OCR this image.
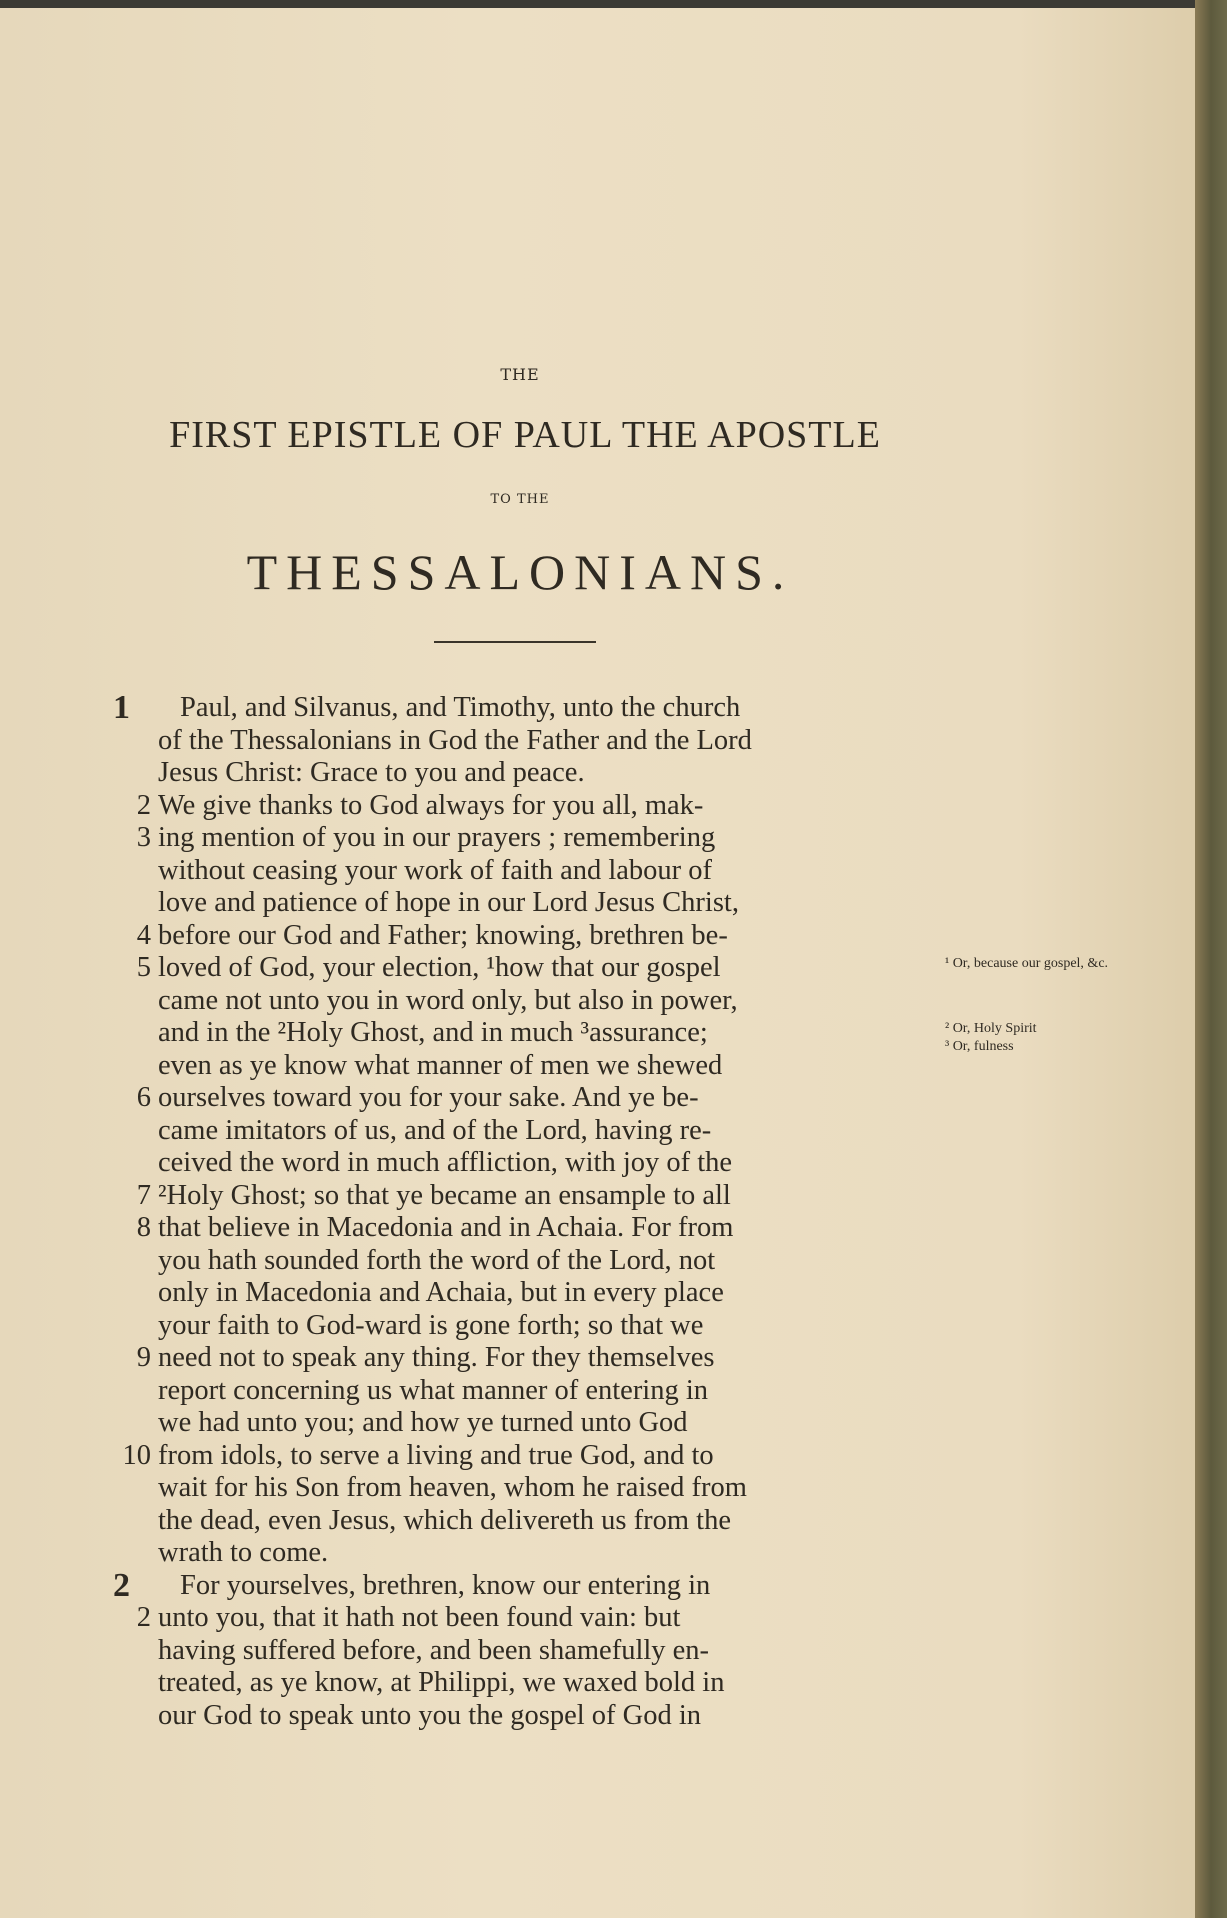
THE
FIRST EPISTLE OF PAUL THE APOSTLE
TO THE
THESSALONIANS.
1 Paul, and Silvanus, and Timothy, unto the church
of the Thessalonians in God the Father and the Lord
Jesus Christ: Grace to you and peace.
2 We give thanks to God always for you all, mak-
3 ing mention of you in our prayers ; remembering
without ceasing your work of faith and labour of
love and patience of hope in our Lord Jesus Christ,
4 before our God and Father; knowing, brethren be-
5 loved of God, your election, ¹how that our gospel	¹ Or, because our gospel, &c.
came not unto you in word only, but also in power,
and in the ²Holy Ghost, and in much ³assurance;	² Or, Holy Spirit
³ Or, fulness
even as ye know what manner of men we shewed
6 ourselves toward you for your sake. And ye be-
came imitators of us, and of the Lord, having re-
ceived the word in much affliction, with joy of the
7 ²Holy Ghost; so that ye became an ensample to all
8 that believe in Macedonia and in Achaia. For from
you hath sounded forth the word of the Lord, not
only in Macedonia and Achaia, but in every place
your faith to God-ward is gone forth; so that we
9 need not to speak any thing. For they themselves
report concerning us what manner of entering in
we had unto you; and how ye turned unto God
10 from idols, to serve a living and true God, and to
wait for his Son from heaven, whom he raised from
the dead, even Jesus, which delivereth us from the
wrath to come.
2 For yourselves, brethren, know our entering in
2 unto you, that it hath not been found vain: but
having suffered before, and been shamefully en-
treated, as ye know, at Philippi, we waxed bold in
our God to speak unto you the gospel of God in
